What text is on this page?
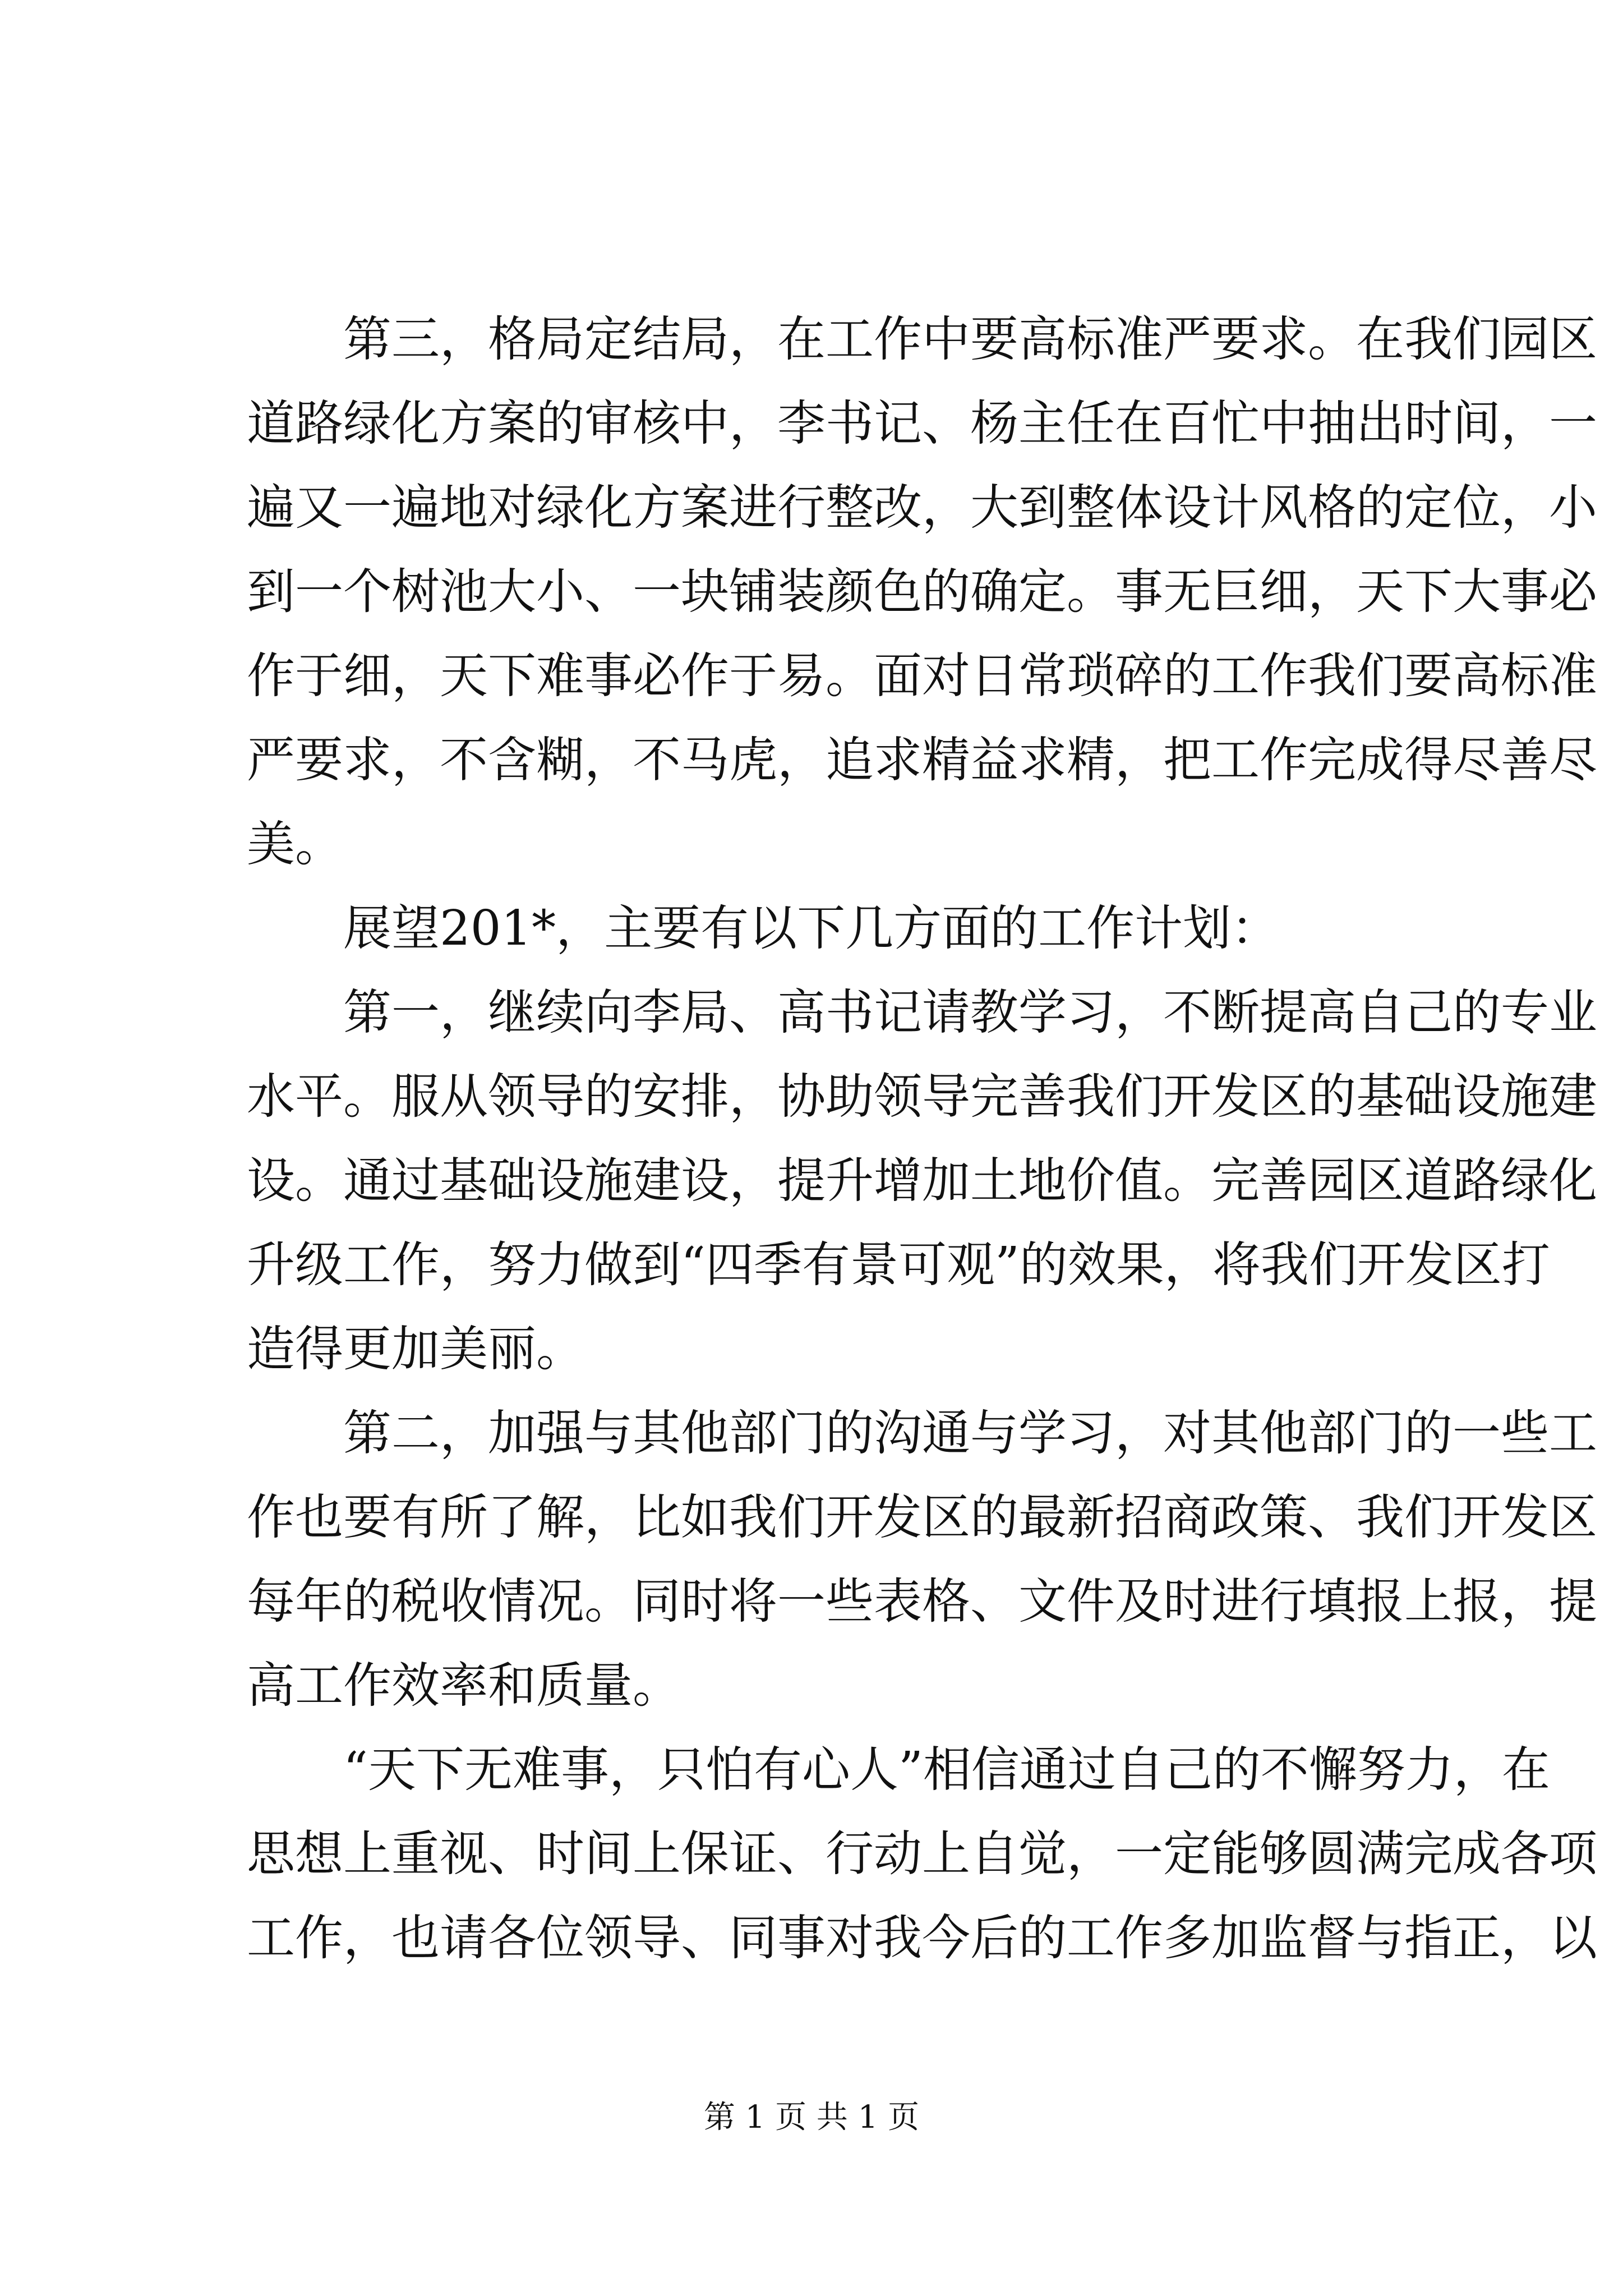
第三，格局定结局，在工作中要高标准严要求。在我们园区
道路绿化方案的审核中，李书记、杨主任在百忙中抽出时间，一
遍又一遍地对绿化方案进行整改，大到整体设计风格的定位，小
到一个树池大小、一块铺装颜色的确定。事无巨细，天下大事必
作于细，天下难事必作于易。面对日常琐碎的工作我们要高标准
严要求，不含糊，不马虎，追求精益求精，把工作完成得尽善尽
美。
展望201*，主要有以下几方面的工作计划：
第一，继续向李局、高书记请教学习，不断提高自己的专业
水平。服从领导的安排，协助领导完善我们开发区的基础设施建
设。通过基础设施建设，提升增加土地价值。完善园区道路绿化
升级工作，努力做到“四季有景可观”的效果，将我们开发区打
造得更加美丽。
第二，加强与其他部门的沟通与学习，对其他部门的一些工
作也要有所了解，比如我们开发区的最新招商政策、我们开发区
每年的税收情况。同时将一些表格、文件及时进行填报上报，提
高工作效率和质量。
“天下无难事，只怕有心人”相信通过自己的不懈努力，在
思想上重视、时间上保证、行动上自觉，一定能够圆满完成各项
工作，也请各位领导、同事对我今后的工作多加监督与指正，以
第 1 页 共 1 页
